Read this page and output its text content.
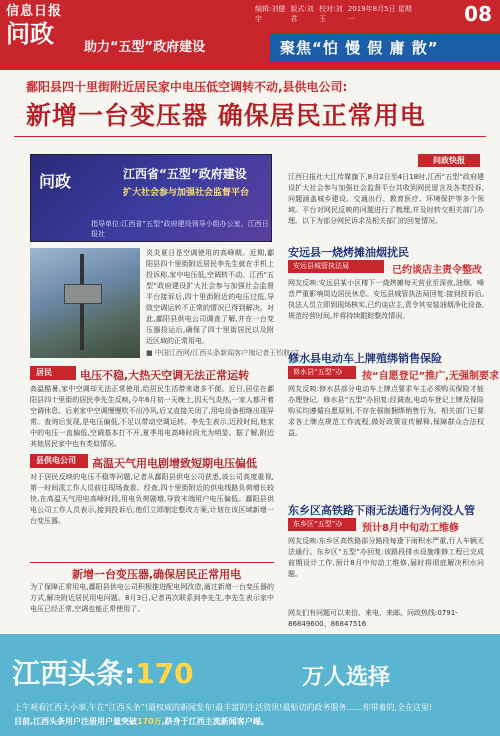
信息日报
问政	助力“五型”政府建设
编辑:刘健宇
版式:刘君
校对:刘玉
2019年8月5日 星期一	08
聚焦“怕 慢 假 庸 散”
鄱阳县四十里街附近居民家中电压低空调转不动,县供电公司:
新增一台变压器 确保居民正常用电
问政	江西省“五型”政府建设
扩大社会参与加强社会监督平台
指导单位:江西省“五型”政府建设领导小组办公室、江西日报社
炎炎夏日是空调使用的高峰期。近期,鄱阳县四十里街附近居民李先生就在手机上投诉称,家中电压低,空调转不动。江西“五型”政府建设扩大社会参与加强社会监督平台接诉后,四十里街附近的电压过低,导致空调运转不正常的情况已得到解决。对此,鄱阳县供电公司调查了解,并在一台变压器投运后,确保了四十里街居民以及附近区域的正常用电。
■ 中国江西网/江西头条新闻客户端记者王钧航/文
居民	电压不稳,大热天空调无法正常运转
高温酷暑,家中空调却无法正常使用,给居民生活带来诸多不便。近日,居住在鄱阳县四十里街的居民李先生反映,今年6月初一天晚上,因天气炎热,一家人都开着空调休息。后来家中空调慢慢吹不出冷风,后又直接关闭了,用电设备相继出现异常。查询后发现,是电压偏低,不足以带动空调运转。李先生表示,近段时间,他家中的电压一直偏低,空调基本打不开,夏季用电高峰时段尤为明显。据了解,附近其他居民家中也有类似情况。
县供电公司	高温天气用电剧增致短期电压偏低
对于居民反映的电压不稳等问题,记者从鄱阳县供电公司获悉,该公司高度重视,第一时间派工作人员前往现场查看。经查,四十里街附近的供电线路负荷增长较快,在高温天气用电高峰时段,用电负荷剧增,导致末端用户电压偏低。鄱阳县供电公司工作人员表示,接到投诉后,他们立即制定整改方案,计划在该区域新增一台变压器。
新增一台变压器,确保居民正常用电
为了保障正常用电,鄱阳县供电公司积极推进配电网改造,通过新增一台变压器的方式,解决附近居民用电问题。8月3日,记者再次联系到李先生,李先生表示家中电压已经正常,空调也能正常使用了。
问政快报
江西日报社大江传媒旗下,8月2日至4日18时,江西“五型”政府建设扩大社会参与加强社会监督平台共收到网民留言及各类投诉,问题涵盖城乡建设、交通出行、教育医疗、环境保护等多个领域。平台对网民反映的问题进行了梳理,并及时转交相关部门办理。以下为部分网民诉求及相关部门的回复情况。
安远县一烧烤摊油烟扰民
安远县城管执法局	已约谈店主责令整改
网友反映:安远县某小区楼下一烧烤摊每天营业至深夜,油烟、噪音严重影响周边居民休息。安远县城管执法局回复:接到投诉后,执法人员立即到现场核实,已约谈店主,责令其安装油烟净化设备,规范经营时间,并将持续跟踪整改情况。
修水县电动车上牌殖绑销售保险
修水县“五型”办	按“自愿登记”推广,无强制要求
网友反映:修水县部分电动车上牌点要求车主必须购买保险才能办理登记。修水县“五型”办回复:经调查,电动车登记上牌及保险购买均遵循自愿原则,不存在强制捆绑销售行为。相关部门已要求各上牌点规范工作流程,做好政策宣传解释,保障群众合法权益。
东乡区高铁路下雨无法通行为何没人管
东乡区“五型”办	预计8月中旬动工维修
网友反映:东乡区高铁路部分路段每逢下雨积水严重,行人车辆无法通行。东乡区“五型”办回复:该路段排水设施维修工程已完成前期设计工作,预计8月中旬动工维修,届时将彻底解决积水问题。
网友们有问题可以来信、来电、来邮。问政热线:0791-86849600、86847516
江西头条:170	万人选择
上午观看江西大小事,午在“江西头条”!最权威的新闻发布!最丰富的生活资讯!最贴切的政务服务……你带着的,全在这里!
目前,江西头条用户注册用户量突破170万,跻身于江西主流新闻客户端。
